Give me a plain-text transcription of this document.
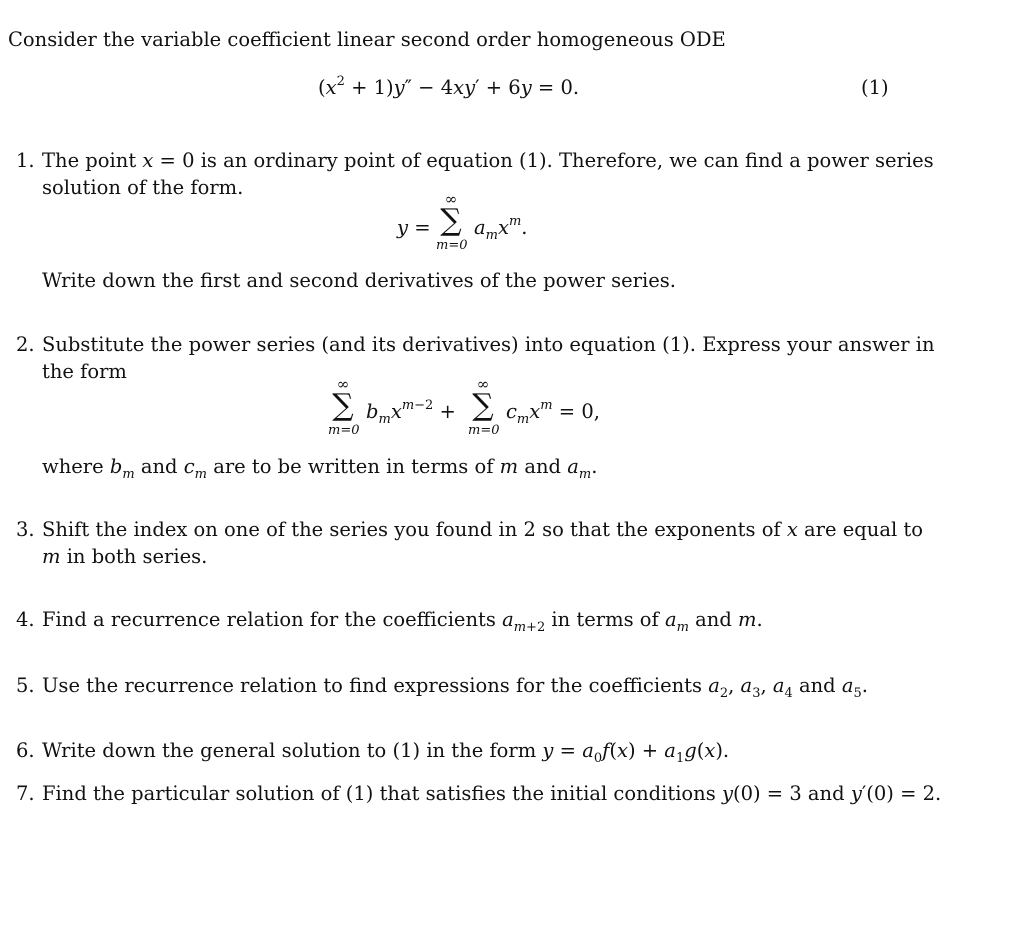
Consider the variable coefficient linear second order homogeneous ODE
$(x^2 + 1)y'' - 4xy' + 6y = 0$.	(1)
1. The point x = 0 is an ordinary point of equation (1). Therefore, we can find a power series
solution of the form.
y =
∞
∑
m=0
$a_mx^m$.
Write down the first and second derivatives of the power series.
2. Substitute the power series (and its derivatives) into equation (1). Express your answer in
the form
∞
∑
m=0
$b_mx^{m-2}$ +
∞
∑
m=0
$c_mx^m = 0$,
where $b_m$ and $c_m$ are to be written in terms of m and $a_m$.
3. Shift the index on one of the series you found in 2 so that the exponents of x are equal to
m in both series.
4. Find a recurrence relation for the coefficients $a_{m+2}$ in terms of $a_m$ and m.
5. Use the recurrence relation to find expressions for the coefficients $a_2$, $a_3$, $a_4$ and $a_5$.
6. Write down the general solution to (1) in the form $y = a_0f(x) + a_1g(x)$.
7. Find the particular solution of (1) that satisfies the initial conditions y(0) = 3 and y′(0) = 2.
